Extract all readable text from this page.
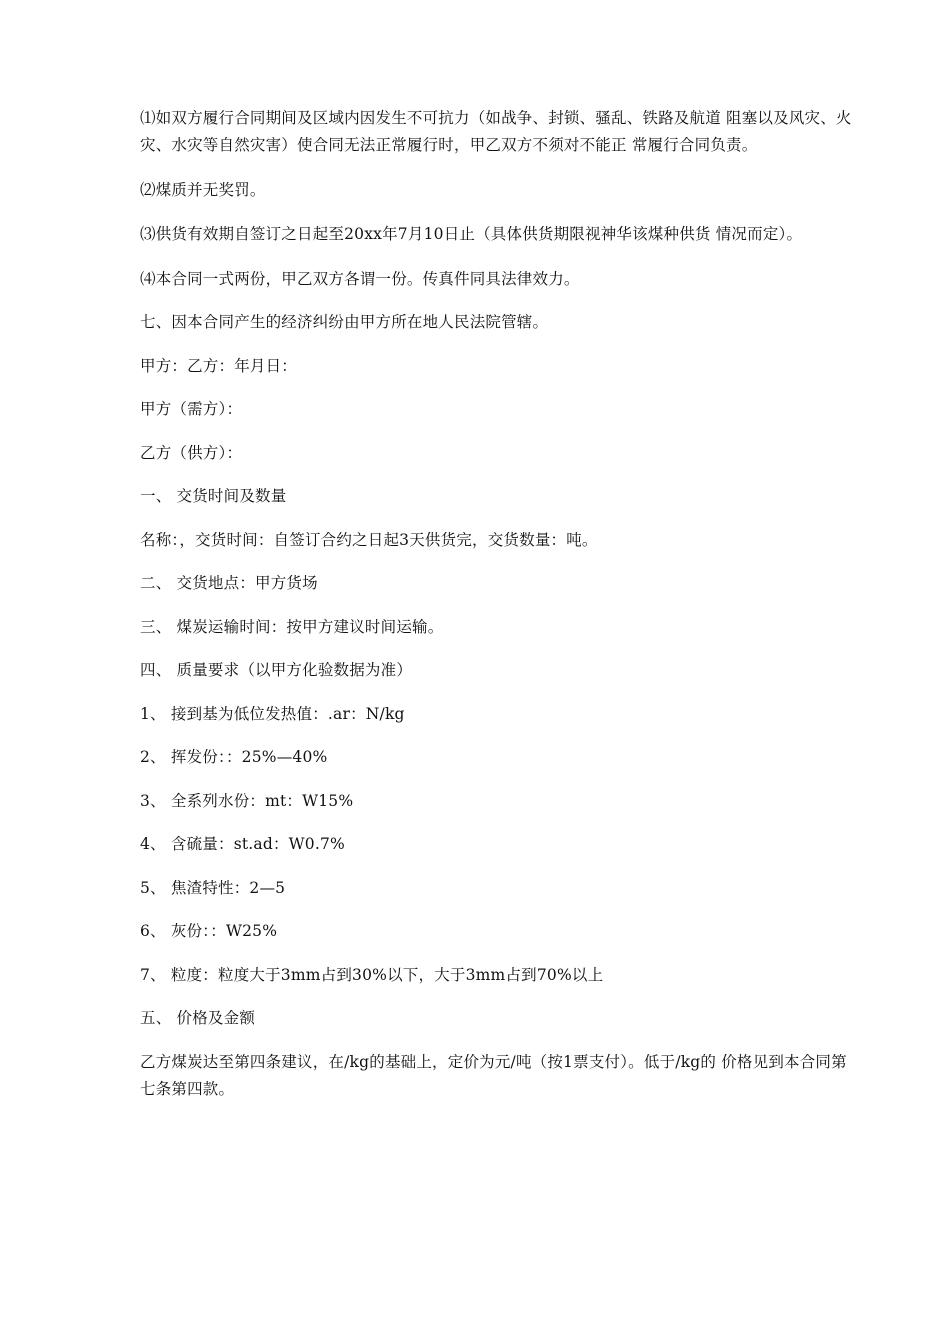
⑴如双方履行合同期间及区域内因发生不可抗力（如战争、封锁、骚乱、铁路及航道 阻塞以及风灾、火灾、水灾等自然灾害）使合同无法正常履行时，甲乙双方不须对不能正 常履行合同负责。

⑵煤质并无奖罚。

⑶供货有效期自签订之日起至20xx年7月10日止（具体供货期限视神华该煤种供货 情况而定）。

⑷本合同一式两份，甲乙双方各谓一份。传真件同具法律效力。

七、因本合同产生的经济纠纷由甲方所在地人民法院管辖。

甲方：乙方：年月日：

甲方（需方）：

乙方（供方）：

一、 交货时间及数量

名称：，交货时间：自签订合约之日起3天供货完，交货数量：吨。

二、 交货地点：甲方货场

三、 煤炭运输时间：按甲方建议时间运输。

四、 质量要求（以甲方化验数据为准）

1、 接到基为低位发热值：.ar：N/kg

2、 挥发份：：25%—40%

3、 全系列水份：mt：W15%

4、 含硫量：st.ad：W0.7%

5、 焦渣特性：2—5

6、 灰份：：W25%

7、 粒度：粒度大于3mm占到30%以下，大于3mm占到70%以上

五、 价格及金额

乙方煤炭达至第四条建议，在/kg的基础上，定价为元/吨（按1票支付）。低于/kg的 价格见到本合同第七条第四款。
